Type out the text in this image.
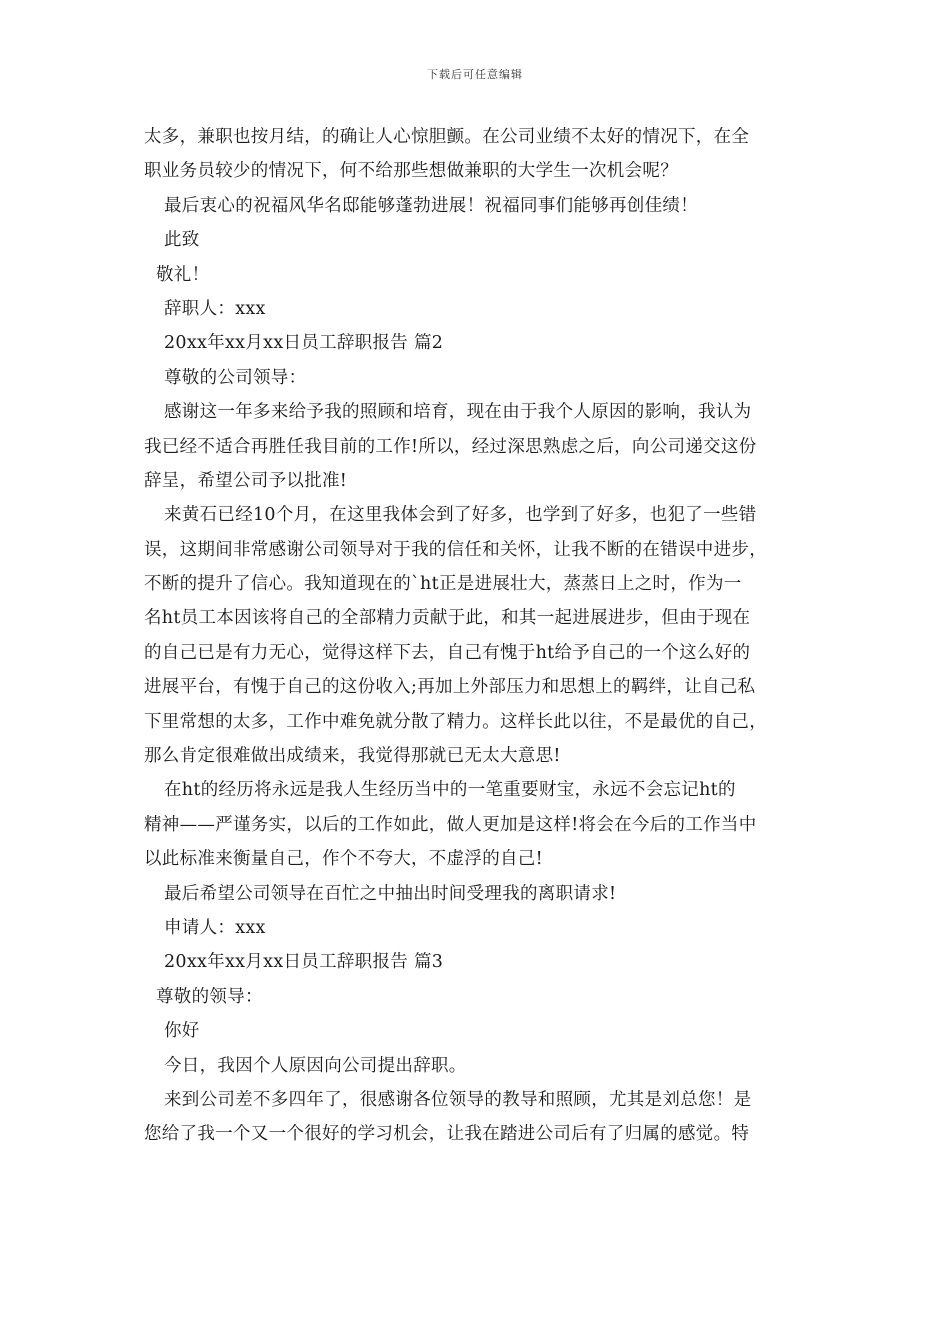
下载后可任意编辑
太多，兼职也按月结，的确让人心惊胆颤。在公司业绩不太好的情况下，在全
职业务员较少的情况下，何不给那些想做兼职的大学生一次机会呢？
最后衷心的祝福风华名邸能够蓬勃进展！祝福同事们能够再创佳绩！
此致
敬礼！
辞职人：xxx
20xx年xx月xx日员工辞职报告 篇2
尊敬的公司领导：
感谢这一年多来给予我的照顾和培育，现在由于我个人原因的影响，我认为
我已经不适合再胜任我目前的工作!所以，经过深思熟虑之后，向公司递交这份
辞呈，希望公司予以批准!
来黄石已经10个月，在这里我体会到了好多，也学到了好多，也犯了一些错
误，这期间非常感谢公司领导对于我的信任和关怀，让我不断的在错误中进步，
不断的提升了信心。我知道现在的`ht正是进展壮大，蒸蒸日上之时，作为一
名ht员工本因该将自己的全部精力贡献于此，和其一起进展进步，但由于现在
的自己已是有力无心，觉得这样下去，自己有愧于ht给予自己的一个这么好的
进展平台，有愧于自己的这份收入;再加上外部压力和思想上的羁绊，让自己私
下里常想的太多，工作中难免就分散了精力。这样长此以往，不是最优的自己，
那么肯定很难做出成绩来，我觉得那就已无太大意思!
在ht的经历将永远是我人生经历当中的一笔重要财宝，永远不会忘记ht的
精神——严谨务实，以后的工作如此，做人更加是这样!将会在今后的工作当中
以此标准来衡量自己，作个不夸大，不虚浮的自己!
最后希望公司领导在百忙之中抽出时间受理我的离职请求!
申请人：xxx
20xx年xx月xx日员工辞职报告 篇3
尊敬的领导：
你好
今日，我因个人原因向公司提出辞职。
来到公司差不多四年了，很感谢各位领导的教导和照顾，尤其是刘总您！是
您给了我一个又一个很好的学习机会，让我在踏进公司后有了归属的感觉。特
